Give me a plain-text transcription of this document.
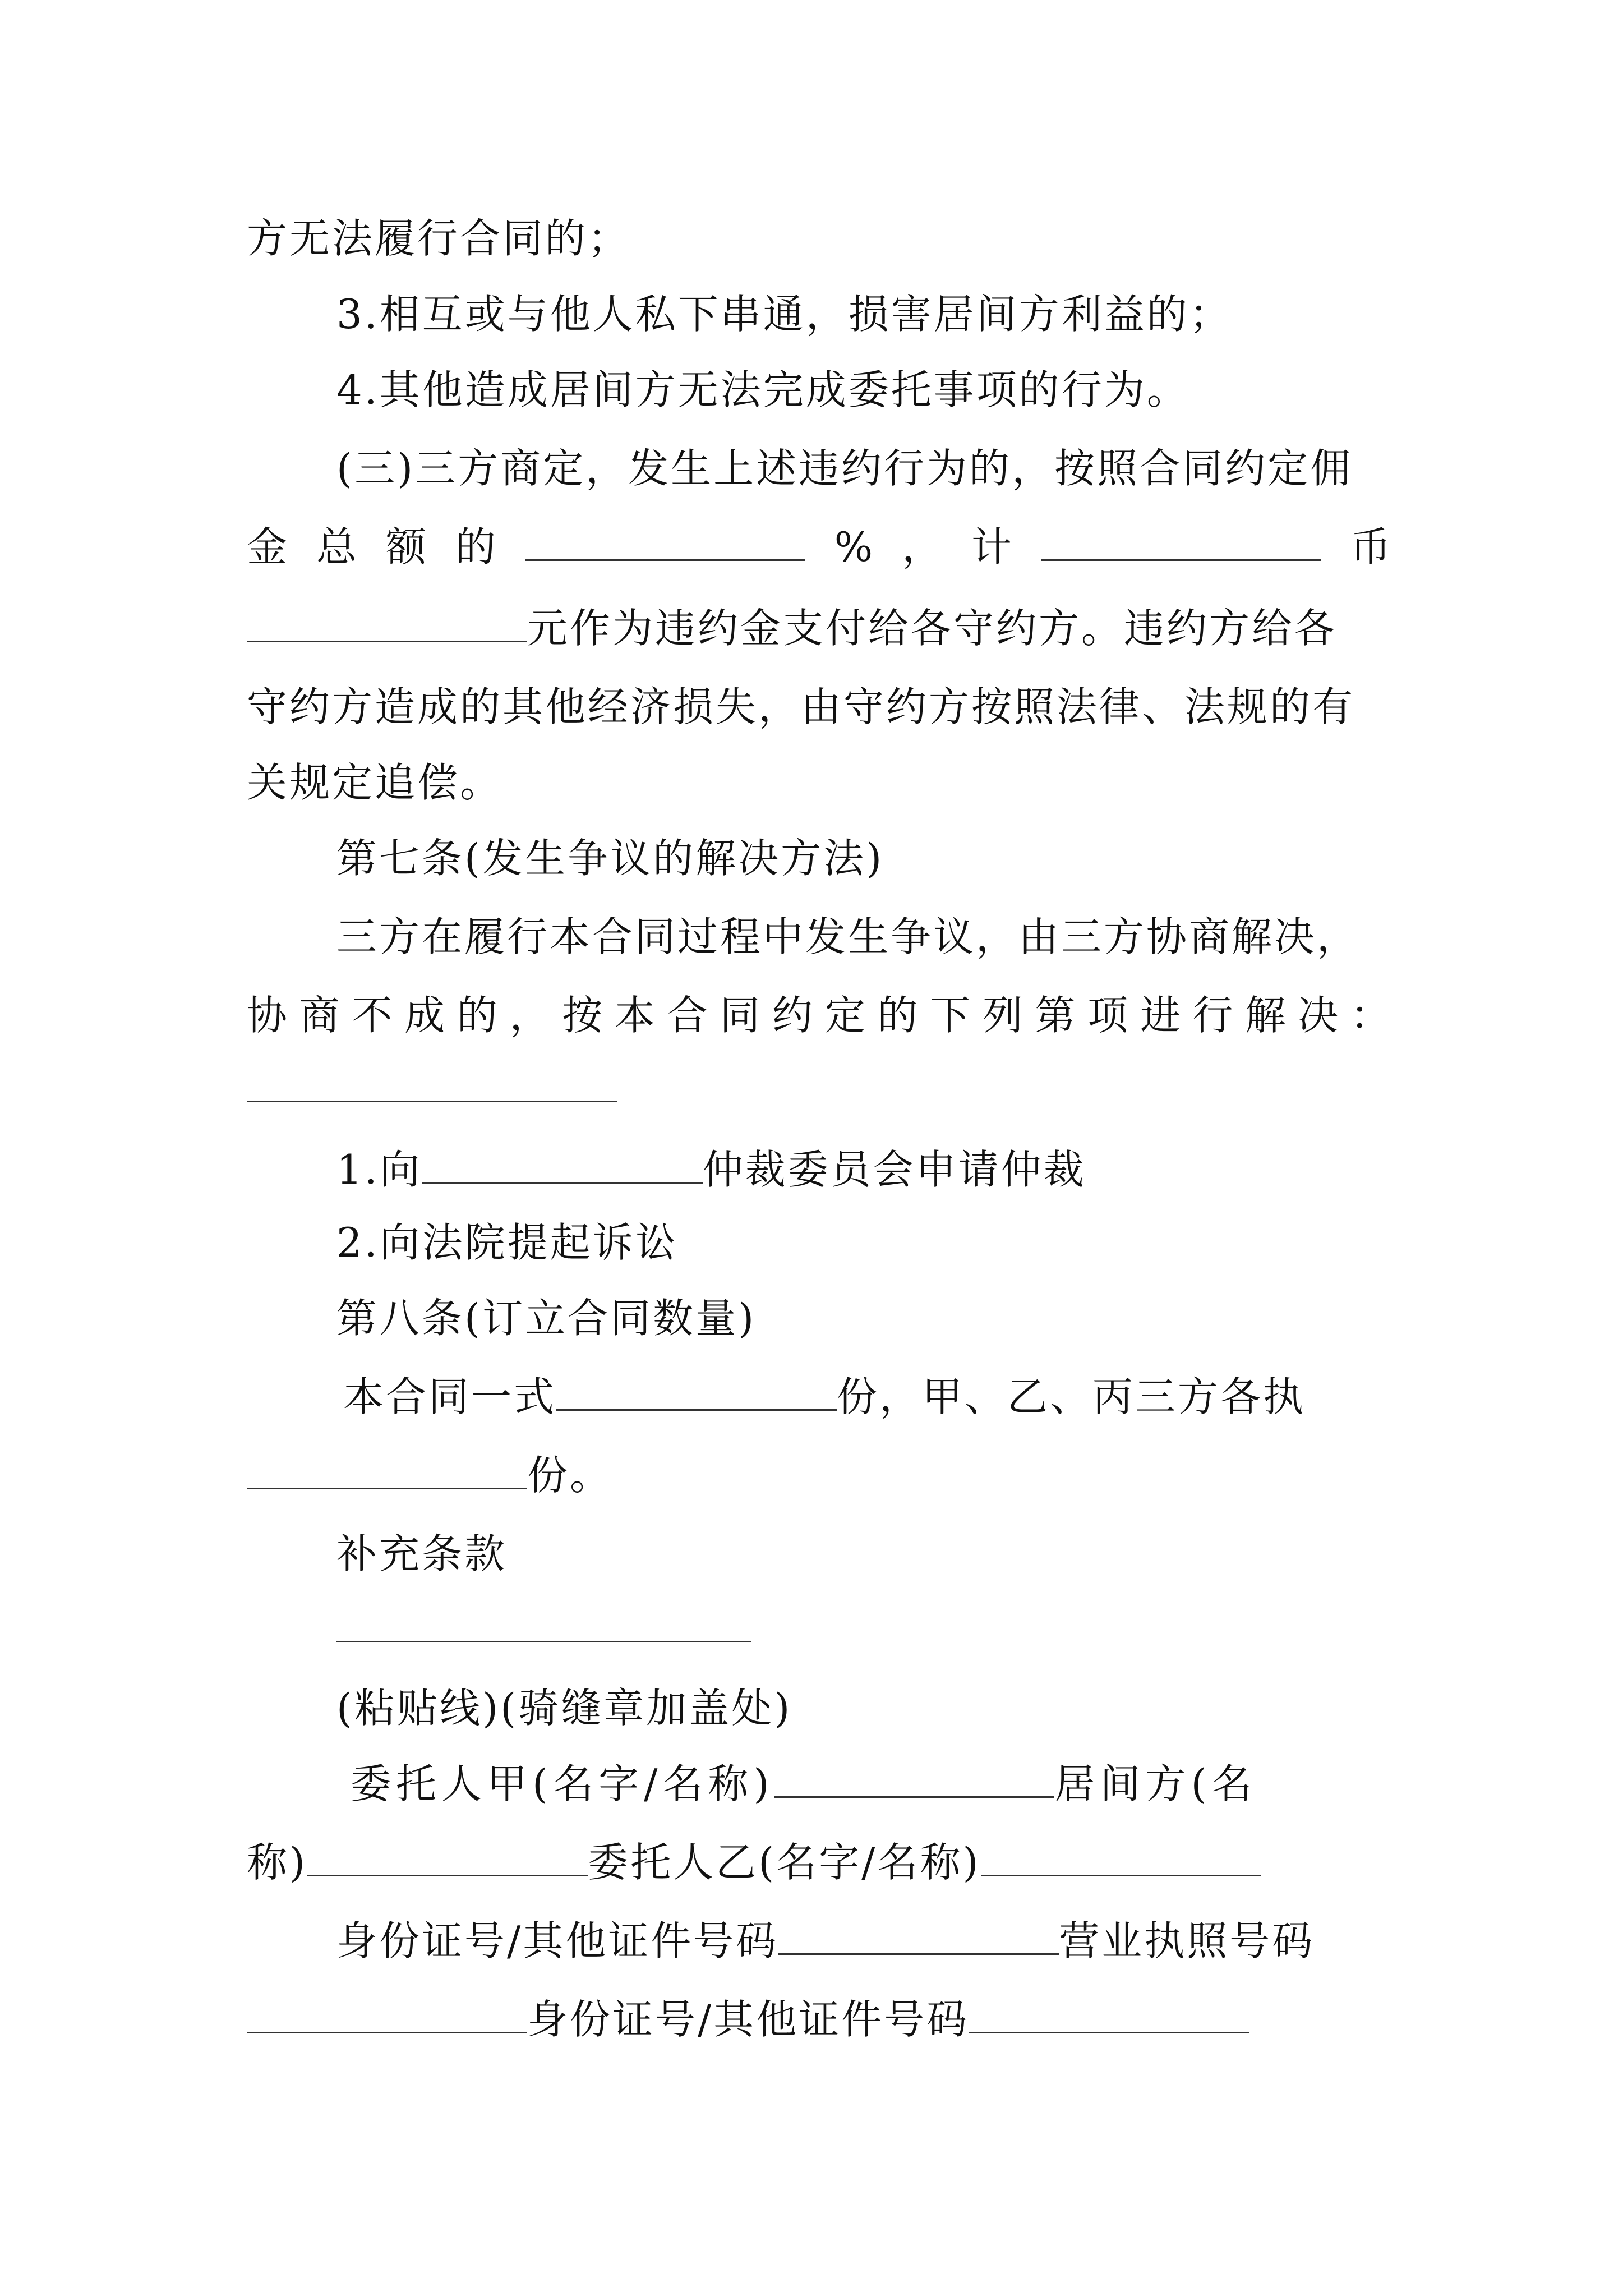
方无法履行合同的；
3.相互或与他人私下串通，损害居间方利益的；
4.其他造成居间方无法完成委托事项的行为。
(三)三方商定，发生上述违约行为的，按照合同约定佣
金 总 额 的	% ， 计	币
元作为违约金支付给各守约方。违约方给各
守约方造成的其他经济损失，由守约方按照法律、法规的有
关规定追偿。
第七条(发生争议的解决方法)
三方在履行本合同过程中发生争议，由三方协商解决，
协 商 不 成 的 ， 按 本 合 同 约 定 的 下 列 第 项 进 行 解 决 ：
1.向	仲裁委员会申请仲裁
2.向法院提起诉讼
第八条(订立合同数量)
本合同一式	份，甲、乙、丙三方各执
份。
补充条款
(粘贴线)(骑缝章加盖处)
委托人甲(名字/名称)	居间方(名
称)	委托人乙(名字/名称)
身份证号/其他证件号码	营业执照号码
身份证号/其他证件号码
